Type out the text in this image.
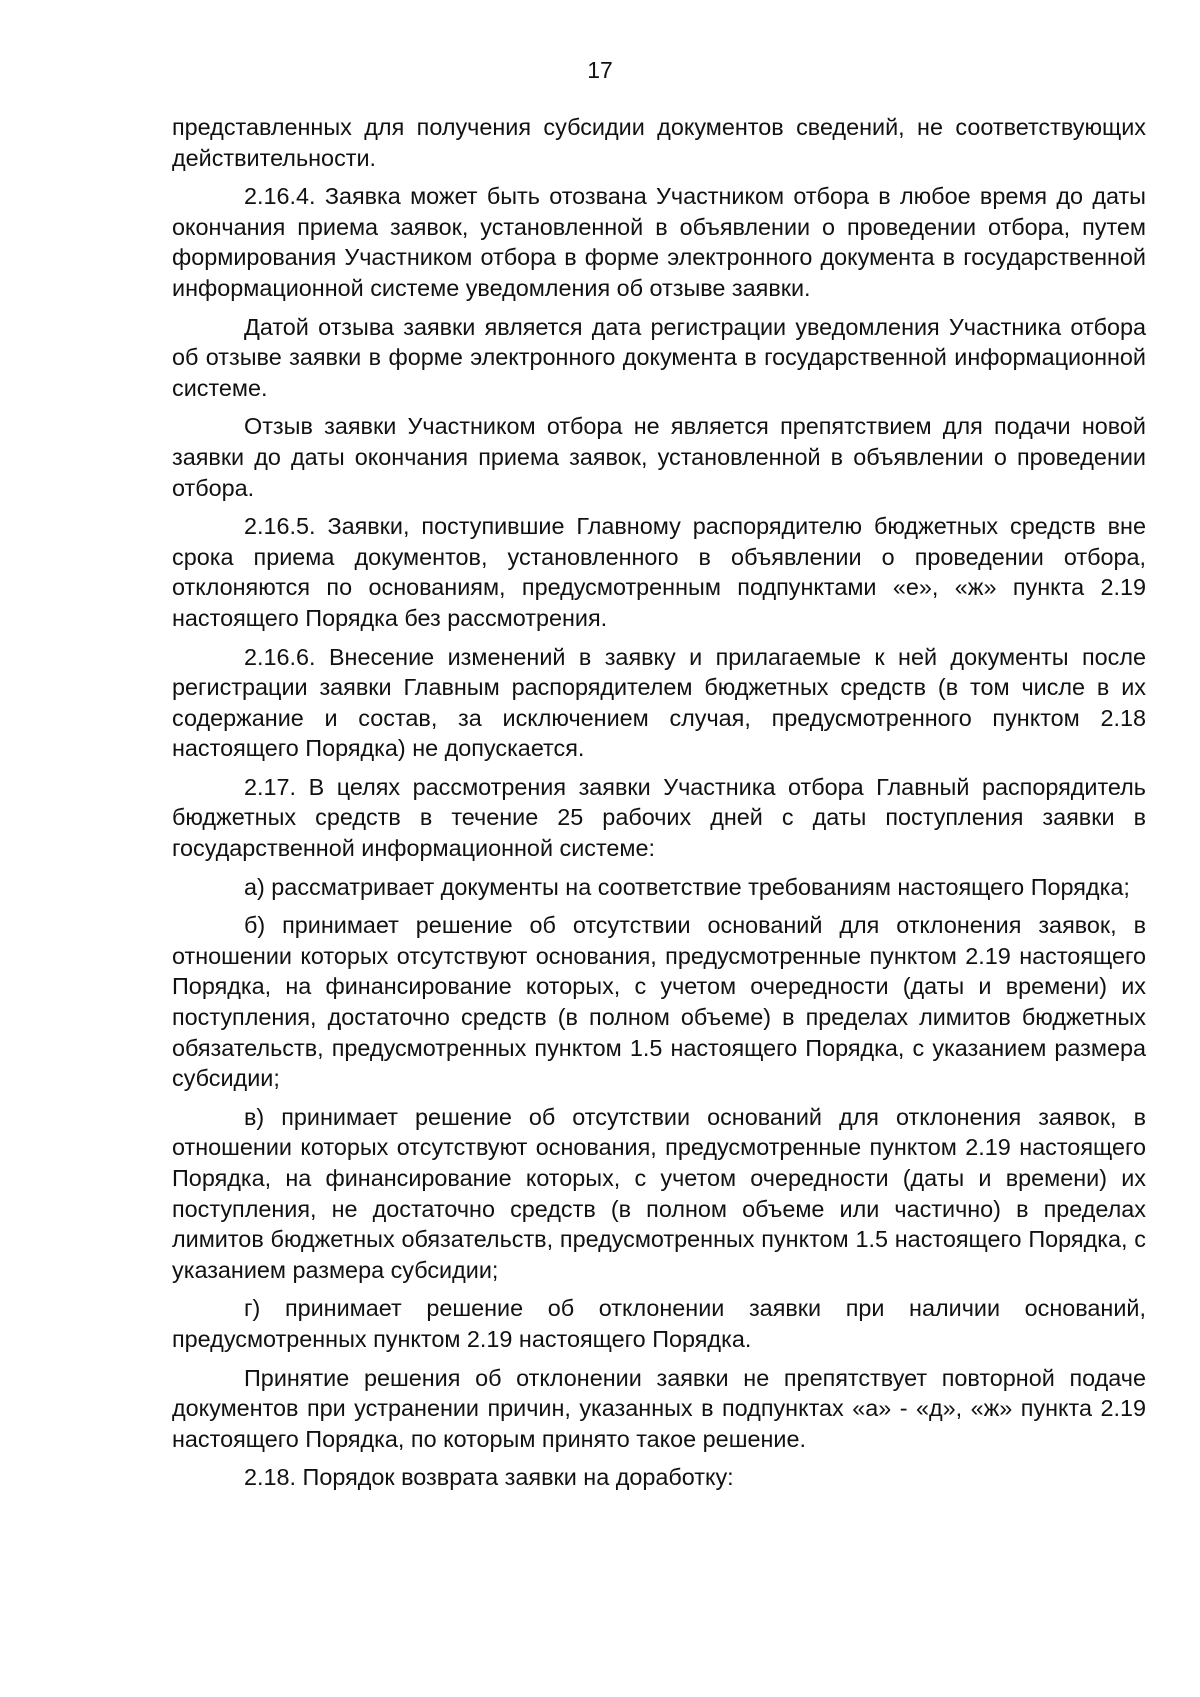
17

представленных для получения субсидии документов сведений, не соответствующих действительности.

2.16.4. Заявка может быть отозвана Участником отбора в любое время до даты окончания приема заявок, установленной в объявлении о проведении отбора, путем формирования Участником отбора в форме электронного документа в государственной информационной системе уведомления об отзыве заявки.

Датой отзыва заявки является дата регистрации уведомления Участника отбора об отзыве заявки в форме электронного документа в государственной информационной системе.

Отзыв заявки Участником отбора не является препятствием для подачи новой заявки до даты окончания приема заявок, установленной в объявлении о проведении отбора.

2.16.5. Заявки, поступившие Главному распорядителю бюджетных средств вне срока приема документов, установленного в объявлении о проведении отбора, отклоняются по основаниям, предусмотренным подпунктами «е», «ж» пункта 2.19 настоящего Порядка без рассмотрения.

2.16.6. Внесение изменений в заявку и прилагаемые к ней документы после регистрации заявки Главным распорядителем бюджетных средств (в том числе в их содержание и состав, за исключением случая, предусмотренного пунктом 2.18 настоящего Порядка) не допускается.

2.17. В целях рассмотрения заявки Участника отбора Главный распорядитель бюджетных средств в течение 25 рабочих дней с даты поступления заявки в государственной информационной системе:

а) рассматривает документы на соответствие требованиям настоящего Порядка;

б) принимает решение об отсутствии оснований для отклонения заявок, в отношении которых отсутствуют основания, предусмотренные пунктом 2.19 настоящего Порядка, на финансирование которых, с учетом очередности (даты и времени) их поступления, достаточно средств (в полном объеме) в пределах лимитов бюджетных обязательств, предусмотренных пунктом 1.5 настоящего Порядка, с указанием размера субсидии;

в) принимает решение об отсутствии оснований для отклонения заявок, в отношении которых отсутствуют основания, предусмотренные пунктом 2.19 настоящего Порядка, на финансирование которых, с учетом очередности (даты и времени) их поступления, не достаточно средств (в полном объеме или частично) в пределах лимитов бюджетных обязательств, предусмотренных пунктом 1.5 настоящего Порядка, с указанием размера субсидии;

г) принимает решение об отклонении заявки при наличии оснований, предусмотренных пунктом 2.19 настоящего Порядка.

Принятие решения об отклонении заявки не препятствует повторной подаче документов при устранении причин, указанных в подпунктах «а» - «д», «ж» пункта 2.19 настоящего Порядка, по которым принято такое решение.

2.18. Порядок возврата заявки на доработку:
